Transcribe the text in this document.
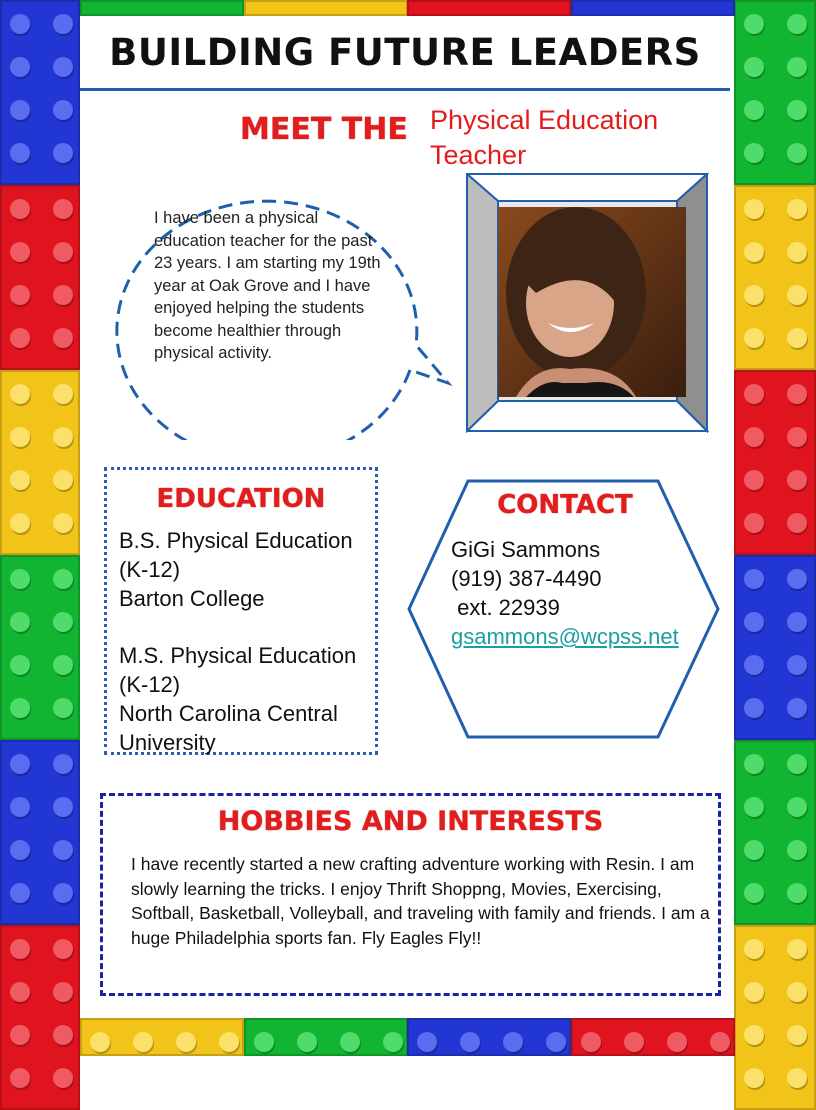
BUILDING FUTURE LEADERS
MEET THE Physical Education Teacher
I have been a physical education teacher for the past 23 years. I am starting my 19th year at Oak Grove and I have enjoyed helping the students become healthier through physical activity.
EDUCATION
B.S. Physical Education (K-12)
Barton College
M.S. Physical Education (K-12)
North Carolina Central University
CONTACT
GiGi Sammons
(919) 387-4490
ext. 22939
gsammons@wcpss.net
HOBBIES AND INTERESTS
I have recently started a new crafting adventure working with Resin. I am slowly learning the tricks. I enjoy Thrift Shoppng, Movies, Exercising, Softball, Basketball, Volleyball, and traveling with family and friends. I am a huge Philadelphia sports fan. Fly Eagles Fly!!
